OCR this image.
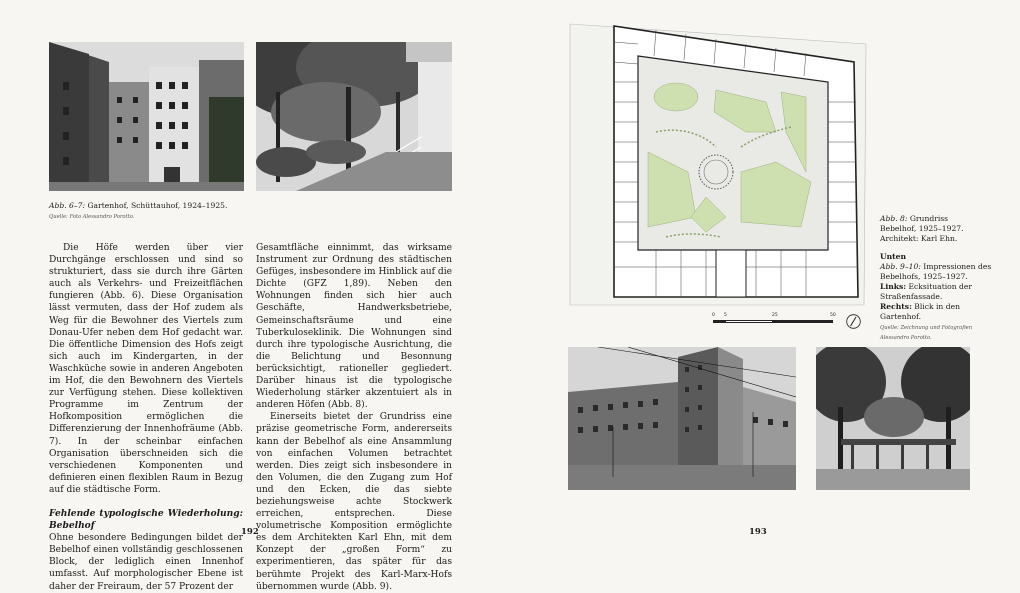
Abb. 6–7: Gartenhof, Schüttauhof, 1924–1925.
Quelle: Foto Alessandro Porotto.

Die Höfe werden über vier Durchgänge erschlossen und sind so strukturiert, dass sie durch ihre Gärten auch als Verkehrs- und Freizeitflächen fungieren (Abb. 6). Diese Organisation lässt vermuten, dass der Hof zudem als Weg für die Bewohner des Viertels zum Donau-Ufer neben dem Hof gedacht war. Die öffentliche Dimension des Hofs zeigt sich auch im Kindergarten, in der Waschküche sowie in anderen Angeboten im Hof, die den Bewohnern des Viertels zur Verfügung stehen. Diese kollektiven Programme im Zentrum der Hofkomposition ermöglichen die Differenzierung der Innenhofräume (Abb. 7). In der scheinbar einfachen Organisation überschneiden sich die verschiedenen Komponenten und definieren einen flexiblen Raum in Bezug auf die städtische Form.

Fehlende typologische Wiederholung: Bebelhof

Ohne besondere Bedingungen bildet der Bebelhof einen vollständig geschlossenen Block, der lediglich einen Innenhof umfasst. Auf morphologischer Ebene ist daher der Freiraum, der 57 Prozent der

Gesamtfläche einnimmt, das wirksame Instrument zur Ordnung des städtischen Gefüges, insbesondere im Hinblick auf die Dichte (GFZ 1,89). Neben den Wohnungen finden sich hier auch Geschäfte, Handwerksbetriebe, Gemeinschaftsräume und eine Tuberkuloseklinik. Die Wohnungen sind durch ihre typologische Ausrichtung, die die Belichtung und Besonnung berücksichtigt, rationeller gegliedert. Darüber hinaus ist die typologische Wiederholung stärker akzentuiert als in anderen Höfen (Abb. 8).

Einerseits bietet der Grundriss eine präzise geometrische Form, andererseits kann der Bebelhof als eine Ansammlung von einfachen Volumen betrachtet werden. Dies zeigt sich insbesondere in den Volumen, die den Zugang zum Hof und den Ecken, die das siebte beziehungsweise achte Stockwerk erreichen, entsprechen. Diese volumetrische Komposition ermöglichte es dem Architekten Karl Ehn, mit dem Konzept der „großen Form“ zu experimentieren, das später für das berühmte Projekt des Karl-Marx-Hofs übernommen wurde (Abb. 9).

192
0 5	25	50
Abb. 8: Grundriss
Bebelhof, 1925–1927.
Architekt: Karl Ehn.
Unten
Abb. 9–10: Impressionen des Bebelhofs, 1925–1927.
Links: Ecksituation der Straßenfassade.
Rechts: Blick in den Gartenhof.
Quelle: Zeichnung und Fotografien Alessandro Porotto.
193
